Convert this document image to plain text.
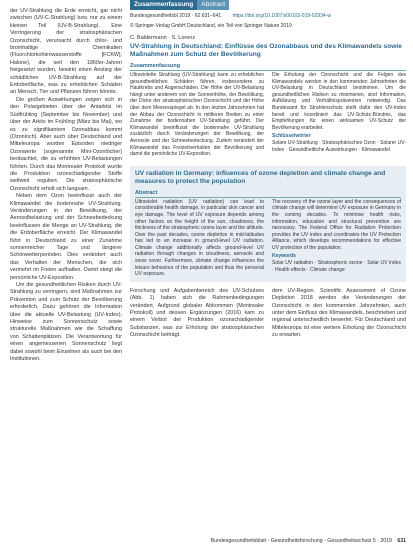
der UV-Strahlung die Erde erreicht, gar nicht zwischen (UV-C-Strahlung) bzw. nur zu einem kleinen Teil (UV-B-Strahlung). Eine Verringerung der stratosphärischen Ozonschicht, verursacht durch chlor- und bromhaltige Chemikalien (Fluorchlorkohlenwasserstoffe [FCKW], Halone), die seit den 1960er-Jahren freigesetzt wurden, bewirkt einen Anstieg der schädlichen UV-B-Strahlung auf der Erdoberfläche, was zu erheblichen Schäden an Mensch, Tier und Pflanzen führen könnte.

Die großen Auswirkungen zeigen sich in den Polargebieten über der Antarktis im Südfrühling (September bis November) und über der Arktis im Frühling (März bis Mai), wo es zu signifikantem Ozonabbau kommt (Ozonloch). Aber auch über Deutschland und Mitteleuropa wurden Episoden niedriger Ozonwerte (sogenannte Mini-Ozonlöcher) beobachtet, die zu erhöhten UV-Belastungen führten. Durch das Montrealer Protokoll wurde die Produktion ozonschädigender Stoffe weltweit reguliert. Die stratosphärische Ozonschicht erholt sich langsam.

Neben dem Ozon beeinflusst auch der Klimawandel die bodennahe UV-Strahlung. Veränderungen in der Bewölkung, der Aerosolbelastung und der Schneebedeckung beeinflussen die Menge an UV-Strahlung, die die Erdoberfläche erreicht. Der Klimawandel führt in Deutschland zu einer Zunahme sonnenreicher Tage und längerer Schönwetterperioden. Dies verändert auch das Verhalten der Menschen, die sich vermehrt im Freien aufhalten. Damit steigt die persönliche UV-Exposition.

Um die gesundheitlichen Risiken durch UV-Strahlung zu verringern, sind Maßnahmen zur Prävention und zum Schutz der Bevölkerung erforderlich. Dazu gehören die Information über die aktuelle UV-Belastung (UV-Index), Hinweise zum Sonnenschutz sowie strukturelle Maßnahmen wie die Schaffung von Schattenplätzen. Die Verantwortung für einen angemessenen Sonnenschutz liegt dabei sowohl beim Einzelnen als auch bei den Institutionen.

Zusammenfassung	Abstract
Bundesgesundheitsbl 2019 · 62:631–641 https://doi.org/10.1007/s00103-019-02934-w
© Springer-Verlag GmbH Deutschland, ein Teil von Springer Nature 2019
C. Baldermann · S. Lorenz
UV-Strahlung in Deutschland: Einflüsse des Ozonabbaus und des Klimawandels sowie Maßnahmen zum Schutz der Bevölkerung
Zusammenfassung

Ultraviolette Strahlung (UV-Strahlung) kann zu erheblichen gesundheitlichen Schäden führen, insbesondere zu Hautkrebs und Augenschäden. Die Höhe der UV-Belastung hängt unter anderem von der Sonnenhöhe, der Bewölkung, der Dicke der stratosphärischen Ozonschicht und der Höhe über dem Meeresspiegel ab. In den letzten Jahrzehnten hat der Abbau der Ozonschicht in mittleren Breiten zu einer Zunahme der bodennahen UV-Strahlung geführt. Der Klimawandel beeinflusst die bodennahe UV-Strahlung zusätzlich durch Veränderungen der Bewölkung, der Aerosole und der Schneebedeckung. Zudem verändert der Klimawandel das Freizeitverhalten der Bevölkerung und damit die persönliche UV-Exposition.

Die Erholung der Ozonschicht und die Folgen des Klimawandels werden in den kommenden Jahrzehnten die UV-Belastung in Deutschland bestimmen. Um die gesundheitlichen Risiken zu minimieren, sind Information, Aufklärung und Verhältnisprävention notwendig. Das Bundesamt für Strahlenschutz stellt dafür den UV-Index bereit und koordiniert das UV-Schutz-Bündnis, das Empfehlungen für einen wirksamen UV-Schutz der Bevölkerung erarbeitet.

Schlüsselwörter

Solare UV-Strahlung · Stratosphärisches Ozon · Solarer UV-Index · Gesundheitliche Auswirkungen · Klimawandel

UV radiation in Germany: influences of ozone depletion and climate change and measures to protect the population
Abstract

Ultraviolet radiation (UV radiation) can lead to considerable health damage, in particular skin cancer and eye damage. The level of UV exposure depends among other factors on the height of the sun, cloudiness, the thickness of the stratospheric ozone layer and the altitude. Over the past decades, ozone depletion in mid-latitudes has led to an increase in ground-level UV radiation. Climate change additionally affects ground-level UV radiation through changes in cloudiness, aerosols and snow cover. Furthermore, climate change influences the leisure behaviour of the population and thus the personal UV exposure.

The recovery of the ozone layer and the consequences of climate change will determine UV exposure in Germany in the coming decades. To minimise health risks, information, education and structural prevention are necessary. The Federal Office for Radiation Protection provides the UV index and coordinates the UV Protection Alliance, which develops recommendations for effective UV protection of the population.

Keywords

Solar UV radiation · Stratospheric ozone · Solar UV index · Health effects · Climate change

Forschung und Aufgabenbereich des UV-Schutzes (Abb. 1) haben sich die Rahmenbedingungen verändert. Aufgrund globaler Abkommen (Montrealer Protokoll) und dessen Ergänzungen (2016) kam zu einem Verbot der Produktion ozonschädigender Substanzen, was zur Erholung der stratosphärischen Ozonschicht beiträgt.

dem UV-Region. Scientific Assessment of Ozone Depletion 2018 werden die Veränderungen der Ozonschicht in den kommenden Jahrzehnten, auch unter dem Einfluss des Klimawandels, beschrieben und regional unterschiedlich bewertet. Für Deutschland und Mitteleuropa ist eine weitere Erholung der Ozonschicht zu erwarten.

Bundesgesundheitsblatt - Gesundheitsforschung - Gesundheitsschutz 5 · 2019 631
